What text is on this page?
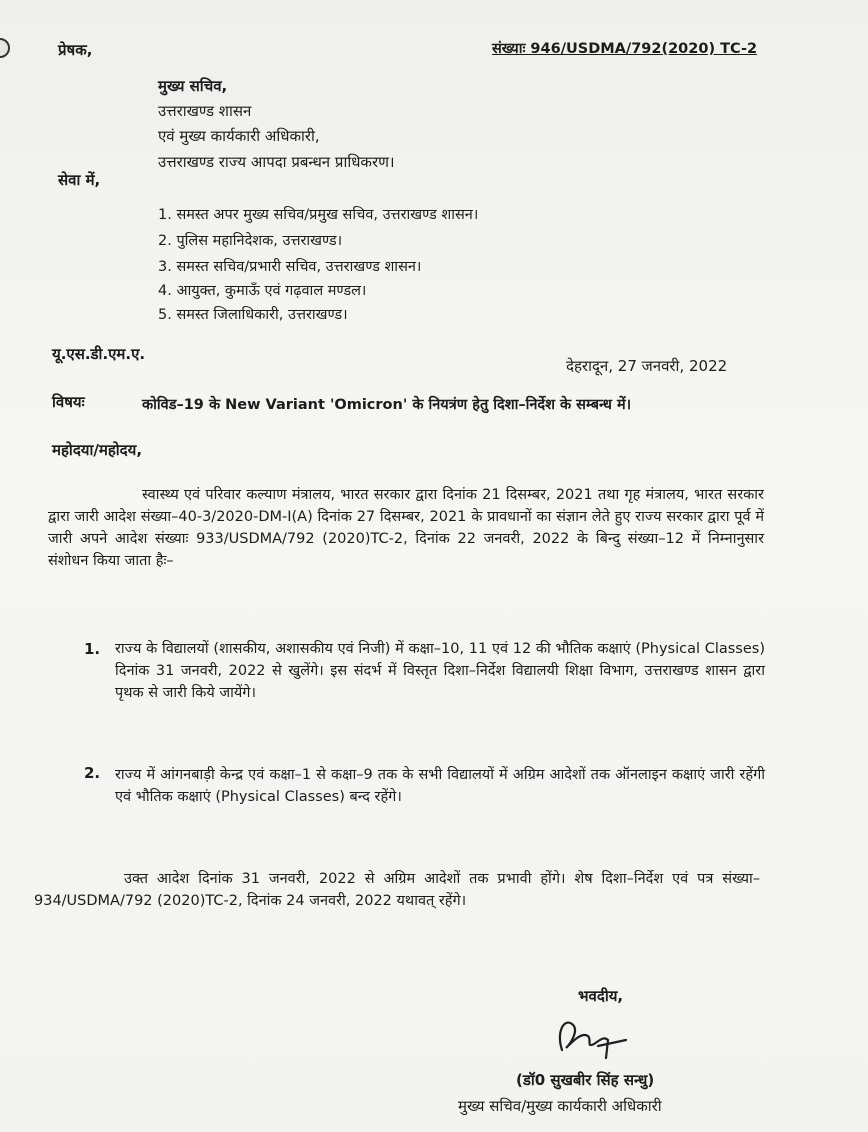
प्रेषक,	संख्याः 946/USDMA/792(2020) TC-2
मुख्य सचिव,
उत्तराखण्ड शासन
एवं मुख्य कार्यकारी अधिकारी,
उत्तराखण्ड राज्य आपदा प्रबन्धन प्राधिकरण।
सेवा में,
1. समस्त अपर मुख्य सचिव/प्रमुख सचिव, उत्तराखण्ड शासन।
2. पुलिस महानिदेशक, उत्तराखण्ड।
3. समस्त सचिव/प्रभारी सचिव, उत्तराखण्ड शासन।
4. आयुक्त, कुमाऊँ एवं गढ़वाल मण्डल।
5. समस्त जिलाधिकारी, उत्तराखण्ड।
यू.एस.डी.एम.ए.
देहरादून, 27 जनवरी, 2022
विषयः	कोविड–19 के New Variant 'Omicron' के नियत्रंण हेतु दिशा–निर्देश के सम्बन्ध में।
महोदया/महोदय,
स्वास्थ्य एवं परिवार कल्याण मंत्रालय, भारत सरकार द्वारा दिनांक 21 दिसम्बर, 2021 तथा गृह मंत्रालय, भारत सरकार द्वारा जारी आदेश संख्या–40-3/2020-DM-I(A) दिनांक 27 दिसम्बर, 2021 के प्रावधानों का संज्ञान लेते हुए राज्य सरकार द्वारा पूर्व में जारी अपने आदेश संख्याः 933/USDMA/792 (2020)TC-2, दिनांक 22 जनवरी, 2022 के बिन्दु संख्या–12 में निम्नानुसार संशोधन किया जाता हैः–
1. राज्य के विद्यालयों (शासकीय, अशासकीय एवं निजी) में कक्षा–10, 11 एवं 12 की भौतिक कक्षाएं (Physical Classes) दिनांक 31 जनवरी, 2022 से खुलेंगे। इस संदर्भ में विस्तृत दिशा–निर्देश विद्यालयी शिक्षा विभाग, उत्तराखण्ड शासन द्वारा पृथक से जारी किये जायेंगे।
2. राज्य में आंगनबाड़ी केन्द्र एवं कक्षा–1 से कक्षा–9 तक के सभी विद्यालयों में अग्रिम आदेशों तक ऑनलाइन कक्षाएं जारी रहेंगी एवं भौतिक कक्षाएं (Physical Classes) बन्द रहेंगे।
उक्त आदेश दिनांक 31 जनवरी, 2022 से अग्रिम आदेशों तक प्रभावी होंगे। शेष दिशा–निर्देश एवं पत्र संख्या–934/USDMA/792 (2020)TC-2, दिनांक 24 जनवरी, 2022 यथावत् रहेंगे।
भवदीय,
(डॉ0 सुखबीर सिंह सन्धु)
मुख्य सचिव/मुख्य कार्यकारी अधिकारी
